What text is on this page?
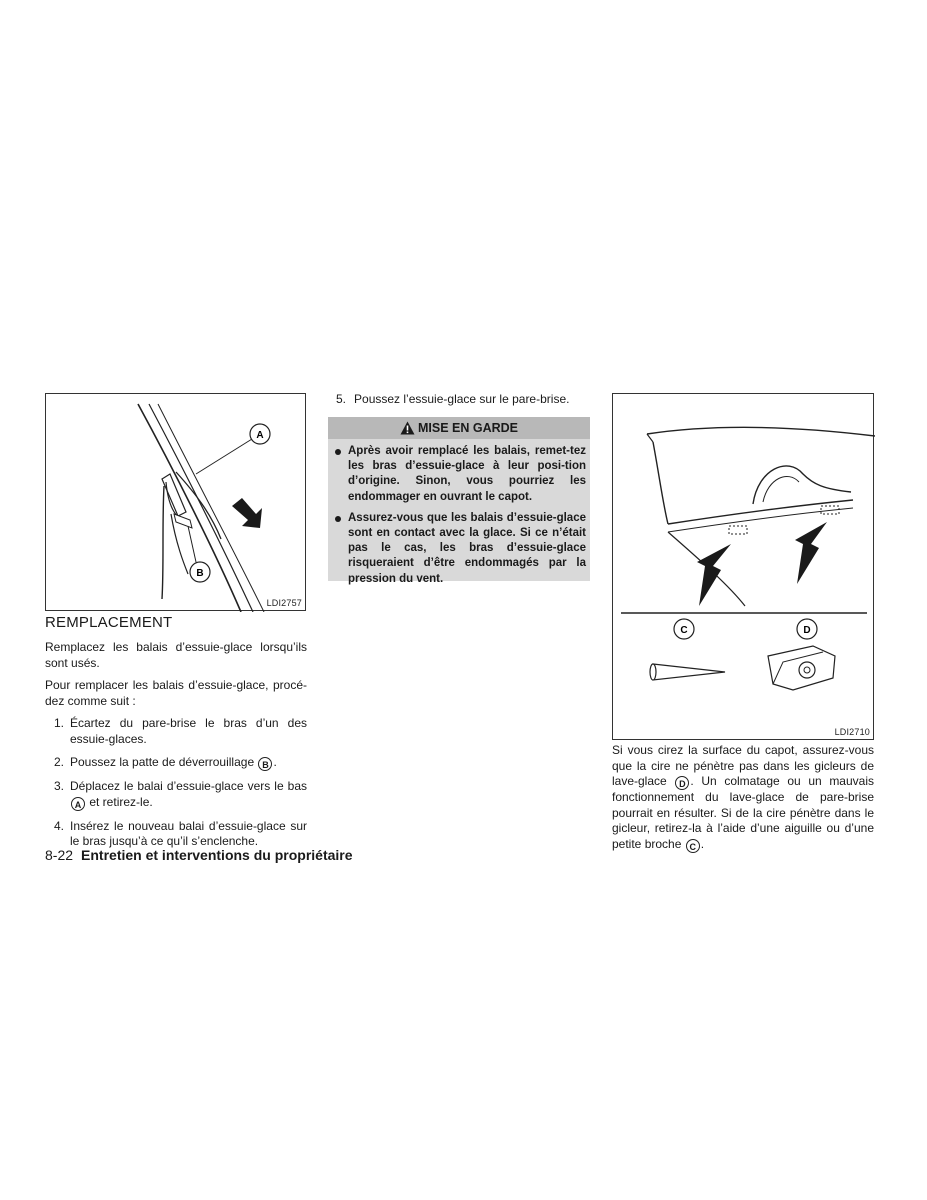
A
B
LDI2757
REMPLACEMENT
Remplacez les balais d’essuie-glace lorsqu’ils sont usés.
Pour remplacer les balais d’essuie-glace, procé-dez comme suit :
1. Écartez du pare-brise le bras d’un des essuie-glaces.
2. Poussez la patte de déverrouillage B .
3. Déplacez le balai d’essuie-glace vers le bas A et retirez-le.
4. Insérez le nouveau balai d’essuie-glace sur le bras jusqu’à ce qu’il s’enclenche.
5. Poussez l’essuie-glace sur le pare-brise.
MISE EN GARDE
Après avoir remplacé les balais, remet-tez les bras d’essuie-glace à leur posi-tion d’origine. Sinon, vous pourriez les endommager en ouvrant le capot.
Assurez-vous que les balais d’essuie-glace sont en contact avec la glace. Si ce n’était pas le cas, les bras d’essuie-glace risqueraient d’être endommagés par la pression du vent.
C	D
LDI2710
Si vous cirez la surface du capot, assurez-vous que la cire ne pénètre pas dans les gicleurs de lave-glace D . Un colmatage ou un mauvais fonctionnement du lave-glace de pare-brise pourrait en résulter. Si de la cire pénètre dans le gicleur, retirez-la à l’aide d’une aiguille ou d’une petite broche C .
8-22 Entretien et interventions du propriétaire
